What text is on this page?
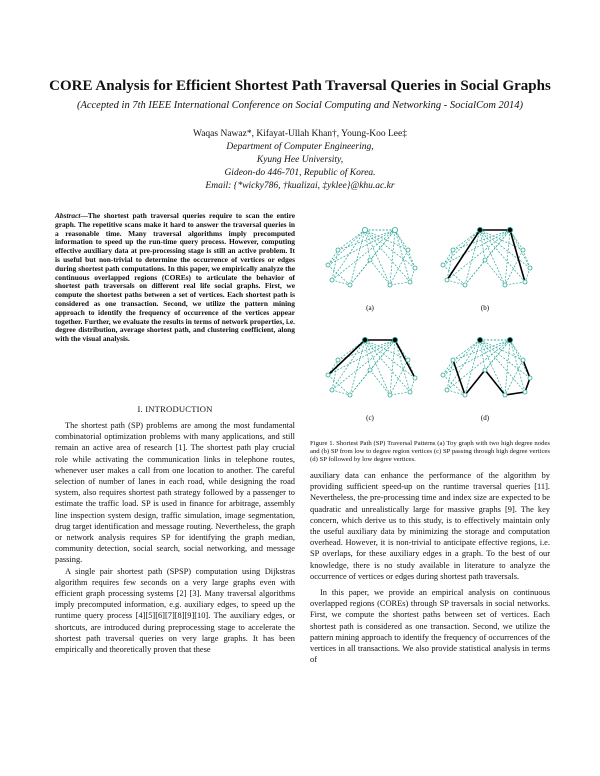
CORE Analysis for Efficient Shortest Path Traversal Queries in Social Graphs
(Accepted in 7th IEEE International Conference on Social Computing and Networking - SocialCom 2014)
Waqas Nawaz*, Kifayat-Ullah Khan†, Young-Koo Lee‡
Department of Computer Engineering,
Kyung Hee University,
Gideon-do 446-701, Republic of Korea.
Email: {*wicky786, †kualizai, ‡yklee}@khu.ac.kr
Abstract—The shortest path traversal queries require to scan the entire graph. The repetitive scans make it hard to answer the traversal queries in a reasonable time. Many traversal algorithms imply precomputed information to speed up the run-time query process. However, computing effective auxiliary data at pre-processing stage is still an active problem. It is useful but non-trivial to determine the occurrence of vertices or edges during shortest path computations. In this paper, we empirically analyze the continuous overlapped regions (COREs) to articulate the behavior of shortest path traversals on different real life social graphs. First, we compute the shortest paths between a set of vertices. Each shortest path is considered as one transaction. Second, we utilize the pattern mining approach to identify the frequency of occurrence of the vertices appear together. Further, we evaluate the results in terms of network properties, i.e. degree distribution, average shortest path, and clustering coefficient, along with the visual analysis.
I. INTRODUCTION

The shortest path (SP) problems are among the most fundamental combinatorial optimization problems with many applications, and still remain an active area of research [1]. The shortest path play crucial role while activating the communication links in telephone routes, whenever user makes a call from one location to another. The careful selection of number of lanes in each road, while designing the road system, also requires shortest path strategy followed by a passenger to estimate the traffic load. SP is used in finance for arbitrage, assembly line inspection system design, traffic simulation, image segmentation, drug target identification and message routing. Nevertheless, the graph or network analysis requires SP for identifying the graph median, community detection, social search, social networking, and message passing.

A single pair shortest path (SPSP) computation using Dijkstras algorithm requires few seconds on a very large graphs even with efficient graph processing systems [2] [3]. Many traversal algorithms imply precomputed information, e.g. auxiliary edges, to speed up the runtime query process [4][5][6][7][8][9][10]. The auxiliary edges, or shortcuts, are introduced during preprocessing stage to accelerate the shortest path traversal queries on very large graphs. It has been empirically and theoretically proven that these

(a)	(b)
(c)	(d)
Figure 1. Shortest Path (SP) Traversal Patterns (a) Toy graph with two high degree nodes and (b) SP from low to degree region vertices (c) SP passing through high degree vertices (d) SP followed by low degree vertices.

auxiliary data can enhance the performance of the algorithm by providing sufficient speed-up on the runtime traversal queries [11]. Nevertheless, the pre-processing time and index size are expected to be quadratic and unrealistically large for massive graphs [9]. The key concern, which derive us to this study, is to effectively maintain only the useful auxiliary data by minimizing the storage and computation overhead. However, it is non-trivial to anticipate effective regions, i.e. SP overlaps, for these auxiliary edges in a graph. To the best of our knowledge, there is no study available in literature to analyze the occurrence of vertices or edges during shortest path traversals.

In this paper, we provide an empirical analysis on continuous overlapped regions (COREs) through SP traversals in social networks. First, we compute the shortest paths between set of vertices. Each shortest path is considered as one transaction. Second, we utilize the pattern mining approach to identify the frequency of occurrences of the vertices in all transactions. We also provide statistical analysis in terms of
